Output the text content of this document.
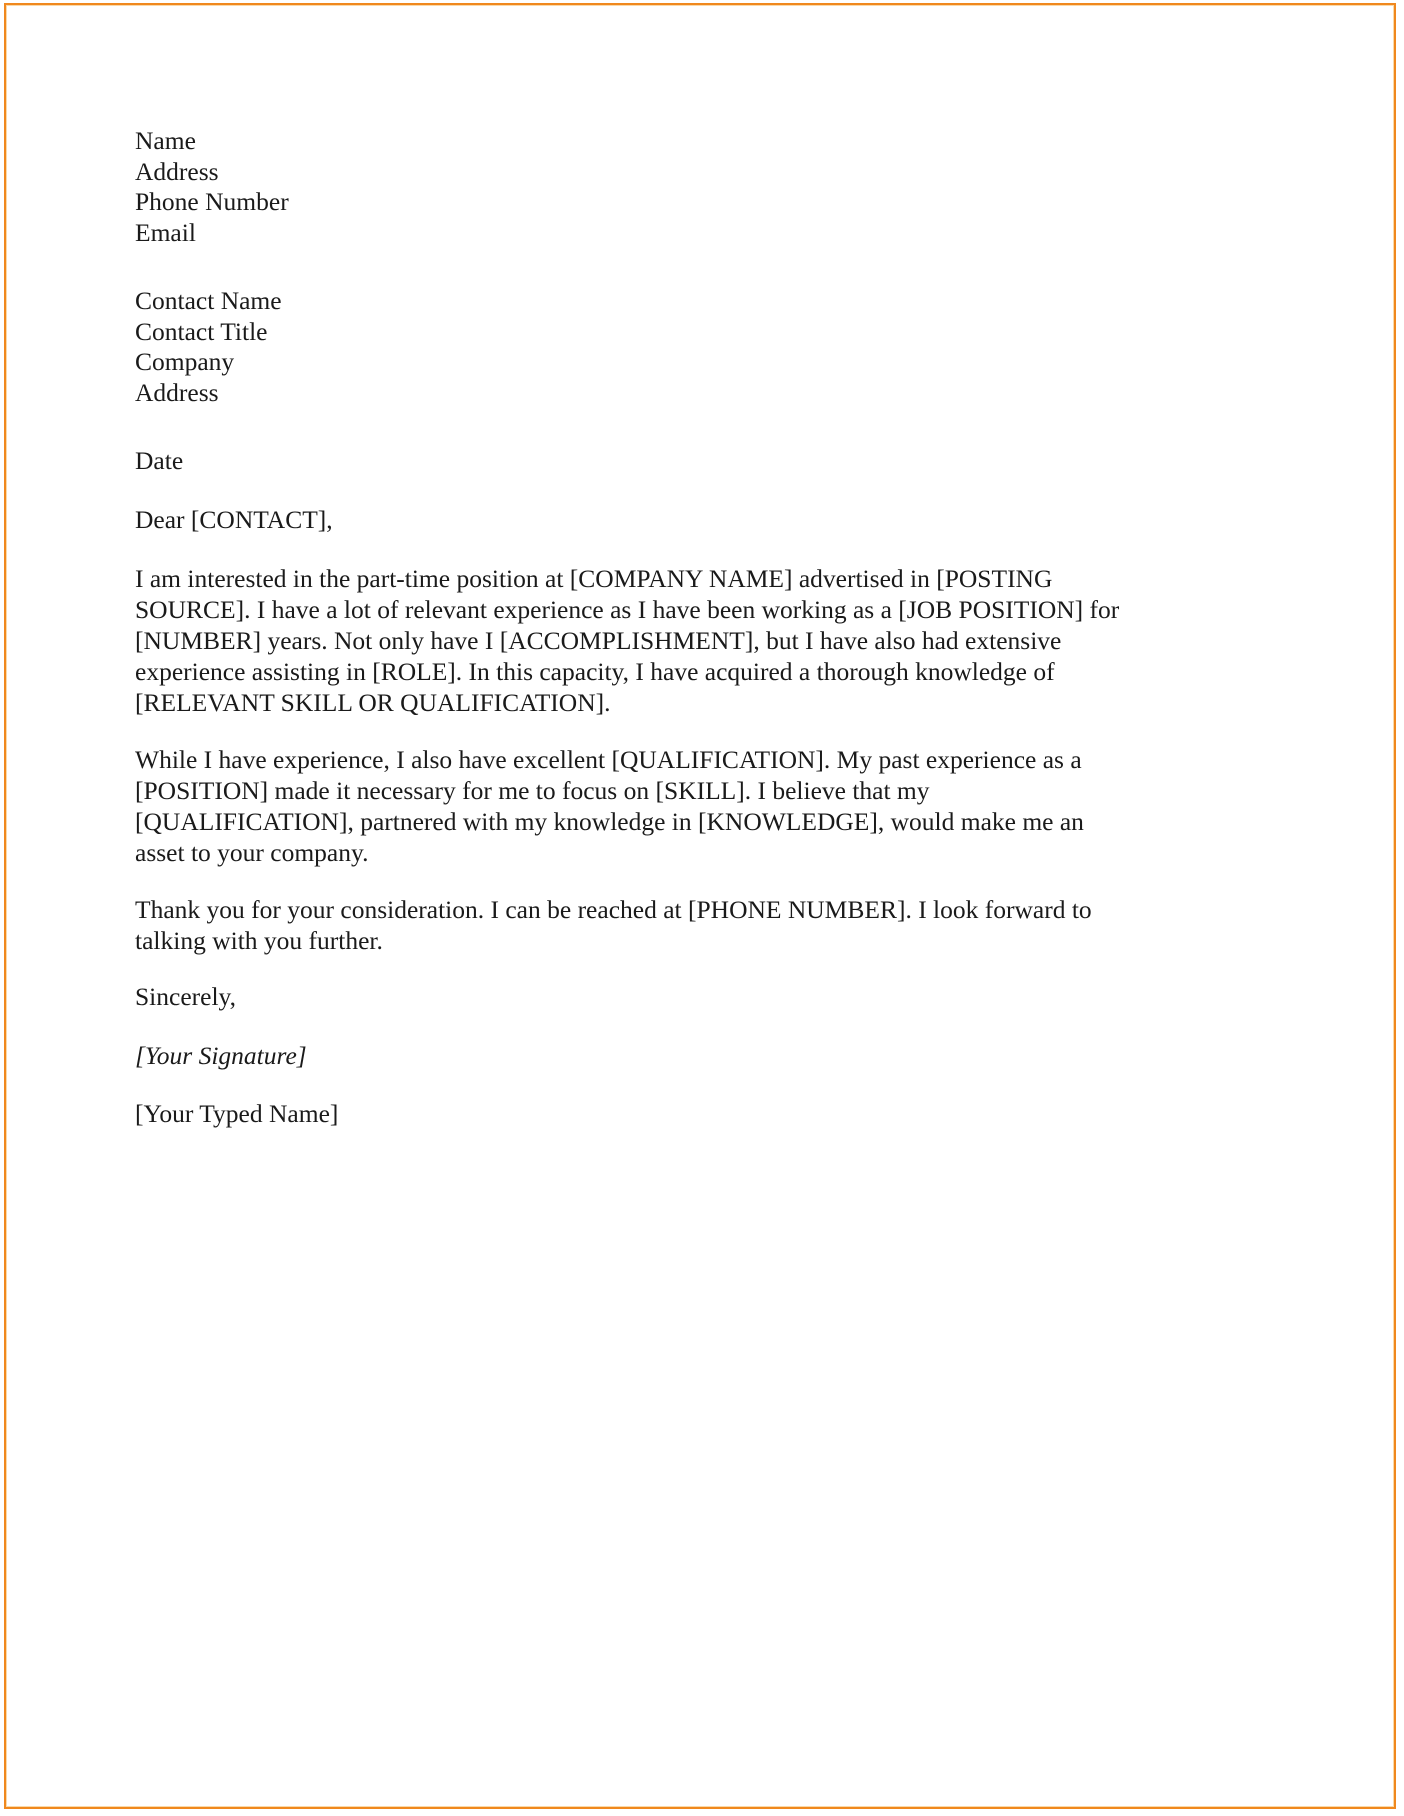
Name
Address
Phone Number
Email
Contact Name
Contact Title
Company
Address

Date

Dear [CONTACT],

I am interested in the part-time position at [COMPANY NAME] advertised in [POSTING SOURCE]. I have a lot of relevant experience as I have been working as a [JOB POSITION] for [NUMBER] years. Not only have I [ACCOMPLISHMENT], but I have also had extensive experience assisting in [ROLE]. In this capacity, I have acquired a thorough knowledge of [RELEVANT SKILL OR QUALIFICATION].

While I have experience, I also have excellent [QUALIFICATION]. My past experience as a [POSITION] made it necessary for me to focus on [SKILL]. I believe that my [QUALIFICATION], partnered with my knowledge in [KNOWLEDGE], would make me an asset to your company.

Thank you for your consideration. I can be reached at [PHONE NUMBER]. I look forward to talking with you further.

Sincerely,

[Your Signature]

[Your Typed Name]
